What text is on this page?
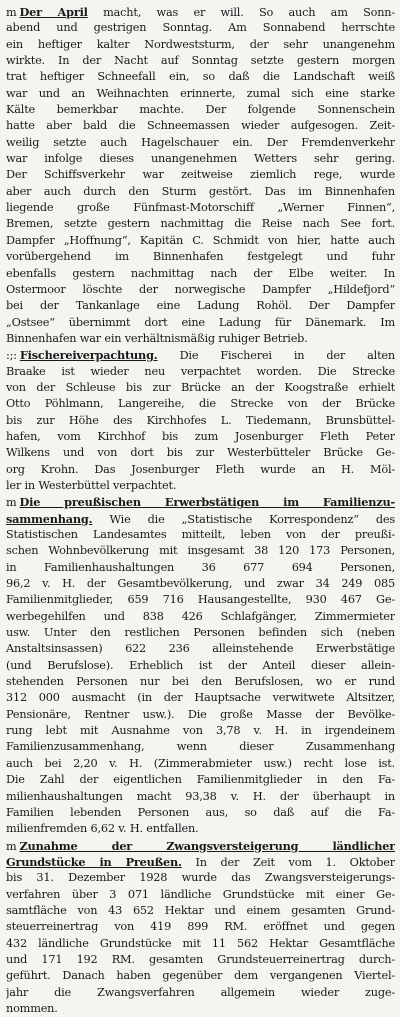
m Der April macht, was er will. So auch am Sonn-
abend und gestrigen Sonntag. Am Sonnabend herrschte
ein heftiger kalter Nordweststurm, der sehr unangenehm
wirkte. In der Nacht auf Sonntag setzte gestern morgen
trat heftiger Schneefall ein, so daß die Landschaft weiß
war und an Weihnachten erinnerte, zumal sich eine starke
Kälte bemerkbar machte. Der folgende Sonnenschein
hatte aber bald die Schneemassen wieder aufgesogen. Zeit-
weilig setzte auch Hagelschauer ein. Der Fremdenverkehr
war infolge dieses unangenehmen Wetters sehr gering.
Der Schiffsverkehr war zeitweise ziemlich rege, wurde
aber auch durch den Sturm gestört. Das im Binnenhafen
liegende große Fünfmast-Motorschiff „Werner Finnen“,
Bremen, setzte gestern nachmittag die Reise nach See fort.
Dampfer „Hoffnung“, Kapitän C. Schmidt von hier, hatte auch
vorübergehend im Binnenhafen festgelegt und fuhr
ebenfalls gestern nachmittag nach der Elbe weiter. In
Ostermoor löschte der norwegische Dampfer „Hildefjord“
bei der Tankanlage eine Ladung Rohöl. Der Dampfer
„Ostsee“ übernimmt dort eine Ladung für Dänemark. Im
Binnenhafen war ein verhältnismäßig ruhiger Betrieb.
:;: Fischereiverpachtung. Die Fischerei in der alten
Braake ist wieder neu verpachtet worden. Die Strecke
von der Schleuse bis zur Brücke an der Koogstraße erhielt
Otto Pöhlmann, Langereihe, die Strecke von der Brücke
bis zur Höhe des Kirchhofes L. Tiedemann, Brunsbüttel-
hafen, vom Kirchhof bis zum Josenburger Fleth Peter
Wilkens und von dort bis zur Westerbütteler Brücke Ge-
org Krohn. Das Josenburger Fleth wurde an H. Möl-
ler in Westerbüttel verpachtet.
m Die preußischen Erwerbstätigen im Familienzu-
sammenhang. Wie die „Statistische Korrespondenz“ des
Statistischen Landesamtes mitteilt, leben von der preußi-
schen Wohnbevölkerung mit insgesamt 38 120 173 Personen,
in Familienhaushaltungen 36 677 694 Personen,
96,2 v. H. der Gesamtbevölkerung, und zwar 34 249 085
Familienmitglieder, 659 716 Hausangestellte, 930 467 Ge-
werbegehilfen und 838 426 Schlafgänger, Zimmermieter
usw. Unter den restlichen Personen befinden sich (neben
Anstaltsinsassen) 622 236 alleinstehende Erwerbstätige
(und Berufslose). Erheblich ist der Anteil dieser allein-
stehenden Personen nur bei den Berufslosen, wo er rund
312 000 ausmacht (in der Hauptsache verwitwete Altsitzer,
Pensionäre, Rentner usw.). Die große Masse der Bevölke-
rung lebt mit Ausnahme von 3,78 v. H. in irgendeinem
Familienzusammenhang, wenn dieser Zusammenhang
auch bei 2,20 v. H. (Zimmerabmieter usw.) recht lose ist.
Die Zahl der eigentlichen Familienmitglieder in den Fa-
milienhaushaltungen macht 93,38 v. H. der überhaupt in
Familien lebenden Personen aus, so daß auf die Fa-
milienfremden 6,62 v. H. entfallen.
m Zunahme der Zwangsversteigerung ländlicher
Grundstücke in Preußen. In der Zeit vom 1. Oktober
bis 31. Dezember 1928 wurde das Zwangsversteigerungs-
verfahren über 3 071 ländliche Grundstücke mit einer Ge-
samtfläche von 43 652 Hektar und einem gesamten Grund-
steuerreinertrag von 419 899 RM. eröffnet und gegen
432 ländliche Grundstücke mit 11 562 Hektar Gesamtfläche
und 171 192 RM. gesamten Grundsteuerreinertrag durch-
geführt. Danach haben gegenüber dem vergangenen Viertel-
jahr die Zwangsverfahren allgemein wieder zuge-
nommen.
